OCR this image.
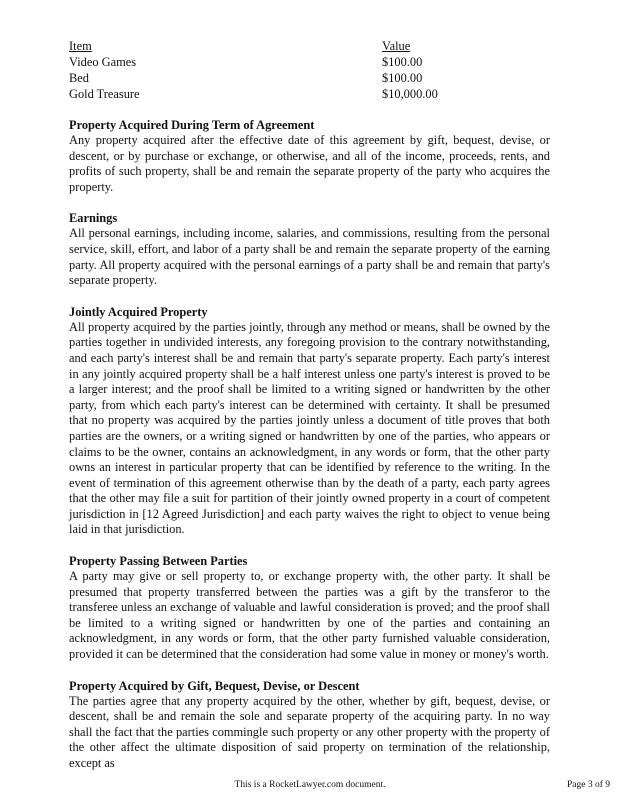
Item	Value
Video Games	$100.00
Bed	$100.00
Gold Treasure	$10,000.00
Property Acquired During Term of Agreement

Any property acquired after the effective date of this agreement by gift, bequest, devise, or descent, or by purchase or exchange, or otherwise, and all of the income, proceeds, rents, and profits of such property, shall be and remain the separate property of the party who acquires the property.

Earnings

All personal earnings, including income, salaries, and commissions, resulting from the personal service, skill, effort, and labor of a party shall be and remain the separate property of the earning party. All property acquired with the personal earnings of a party shall be and remain that party's separate property.

Jointly Acquired Property

All property acquired by the parties jointly, through any method or means, shall be owned by the parties together in undivided interests, any foregoing provision to the contrary notwithstanding, and each party's interest shall be and remain that party's separate property. Each party's interest in any jointly acquired property shall be a half interest unless one party's interest is proved to be a larger interest; and the proof shall be limited to a writing signed or handwritten by the other party, from which each party's interest can be determined with certainty. It shall be presumed that no property was acquired by the parties jointly unless a document of title proves that both parties are the owners, or a writing signed or handwritten by one of the parties, who appears or claims to be the owner, contains an acknowledgment, in any words or form, that the other party owns an interest in particular property that can be identified by reference to the writing. In the event of termination of this agreement otherwise than by the death of a party, each party agrees that the other may file a suit for partition of their jointly owned property in a court of competent jurisdiction in [12 Agreed Jurisdiction] and each party waives the right to object to venue being laid in that jurisdiction.

Property Passing Between Parties

A party may give or sell property to, or exchange property with, the other party. It shall be presumed that property transferred between the parties was a gift by the transferor to the transferee unless an exchange of valuable and lawful consideration is proved; and the proof shall be limited to a writing signed or handwritten by one of the parties and containing an acknowledgment, in any words or form, that the other party furnished valuable consideration, provided it can be determined that the consideration had some value in money or money's worth.

Property Acquired by Gift, Bequest, Devise, or Descent

The parties agree that any property acquired by the other, whether by gift, bequest, devise, or descent, shall be and remain the sole and separate property of the acquiring party. In no way shall the fact that the parties commingle such property or any other property with the property of the other affect the ultimate disposition of said property on termination of the relationship, except as

This is a RocketLawyer.com document.	Page 3 of 9
